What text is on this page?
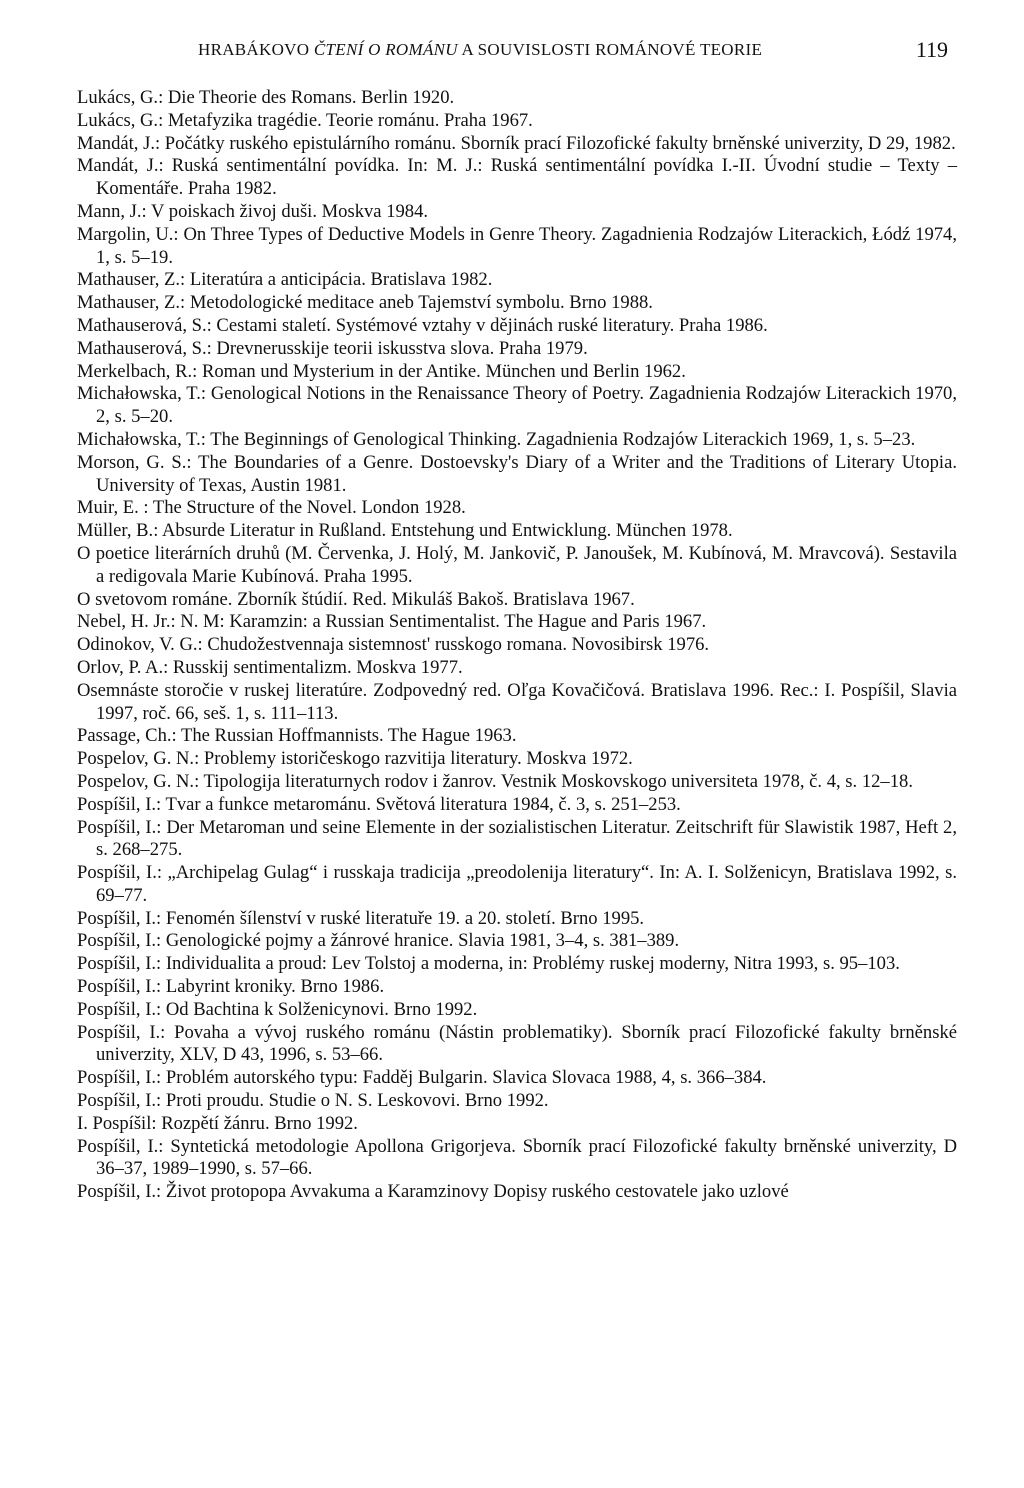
HRABÁKOVO ČTENÍ O ROMÁNU A SOUVISLOSTI ROMÁNOVÉ TEORIE	119
Lukács, G.: Die Theorie des Romans. Berlin 1920.
Lukács, G.: Metafyzika tragédie. Teorie románu. Praha 1967.
Mandát, J.: Počátky ruského epistulárního románu. Sborník prací Filozofické fakulty brněnské univerzity, D 29, 1982.
Mandát, J.: Ruská sentimentální povídka. In: M. J.: Ruská sentimentální povídka I.-II. Úvodní studie – Texty – Komentáře. Praha 1982.
Mann, J.: V poiskach živoj duši. Moskva 1984.
Margolin, U.: On Three Types of Deductive Models in Genre Theory. Zagadnienia Rodzajów Literackich, Łódź 1974, 1, s. 5–19.
Mathauser, Z.: Literatúra a anticipácia. Bratislava 1982.
Mathauser, Z.: Metodologické meditace aneb Tajemství symbolu. Brno 1988.
Mathauserová, S.: Cestami staletí. Systémové vztahy v dějinách ruské literatury. Praha 1986.
Mathauserová, S.: Drevnerusskije teorii iskusstva slova. Praha 1979.
Merkelbach, R.: Roman und Mysterium in der Antike. München und Berlin 1962.
Michałowska, T.: Genological Notions in the Renaissance Theory of Poetry. Zagadnienia Rodzajów Literackich 1970, 2, s. 5–20.
Michałowska, T.: The Beginnings of Genological Thinking. Zagadnienia Rodzajów Literackich 1969, 1, s. 5–23.
Morson, G. S.: The Boundaries of a Genre. Dostoevsky's Diary of a Writer and the Traditions of Literary Utopia. University of Texas, Austin 1981.
Muir, E. : The Structure of the Novel. London 1928.
Müller, B.: Absurde Literatur in Rußland. Entstehung und Entwicklung. München 1978.
O poetice literárních druhů (M. Červenka, J. Holý, M. Jankovič, P. Janoušek, M. Kubínová, M. Mravcová). Sestavila a redigovala Marie Kubínová. Praha 1995.
O svetovom románe. Zborník štúdií. Red. Mikuláš Bakoš. Bratislava 1967.
Nebel, H. Jr.: N. M: Karamzin: a Russian Sentimentalist. The Hague and Paris 1967.
Odinokov, V. G.: Chudožestvennaja sistemnost' russkogo romana. Novosibirsk 1976.
Orlov, P. A.: Russkij sentimentalizm. Moskva 1977.
Osemnáste storočie v ruskej literatúre. Zodpovedný red. Oľga Kovačičová. Bratislava 1996. Rec.: I. Pospíšil, Slavia 1997, roč. 66, seš. 1, s. 111–113.
Passage, Ch.: The Russian Hoffmannists. The Hague 1963.
Pospelov, G. N.: Problemy istoričeskogo razvitija literatury. Moskva 1972.
Pospelov, G. N.: Tipologija literaturnych rodov i žanrov. Vestnik Moskovskogo universiteta 1978, č. 4, s. 12–18.
Pospíšil, I.: Tvar a funkce metarománu. Světová literatura 1984, č. 3, s. 251–253.
Pospíšil, I.: Der Metaroman und seine Elemente in der sozialistischen Literatur. Zeitschrift für Slawistik 1987, Heft 2, s. 268–275.
Pospíšil, I.: „Archipelag Gulag“ i russkaja tradicija „preodolenija literatury“. In: A. I. Solženicyn, Bratislava 1992, s. 69–77.
Pospíšil, I.: Fenomén šílenství v ruské literatuře 19. a 20. století. Brno 1995.
Pospíšil, I.: Genologické pojmy a žánrové hranice. Slavia 1981, 3–4, s. 381–389.
Pospíšil, I.: Individualita a proud: Lev Tolstoj a moderna, in: Problémy ruskej moderny, Nitra 1993, s. 95–103.
Pospíšil, I.: Labyrint kroniky. Brno 1986.
Pospíšil, I.: Od Bachtina k Solženicynovi. Brno 1992.
Pospíšil, I.: Povaha a vývoj ruského románu (Nástin problematiky). Sborník prací Filozofické fakulty brněnské univerzity, XLV, D 43, 1996, s. 53–66.
Pospíšil, I.: Problém autorského typu: Fadděj Bulgarin. Slavica Slovaca 1988, 4, s. 366–384.
Pospíšil, I.: Proti proudu. Studie o N. S. Leskovovi. Brno 1992.
I. Pospíšil: Rozpětí žánru. Brno 1992.
Pospíšil, I.: Syntetická metodologie Apollona Grigorjeva. Sborník prací Filozofické fakulty brněnské univerzity, D 36–37, 1989–1990, s. 57–66.
Pospíšil, I.: Život protopopa Avvakuma a Karamzinovy Dopisy ruského cestovatele jako uzlové
